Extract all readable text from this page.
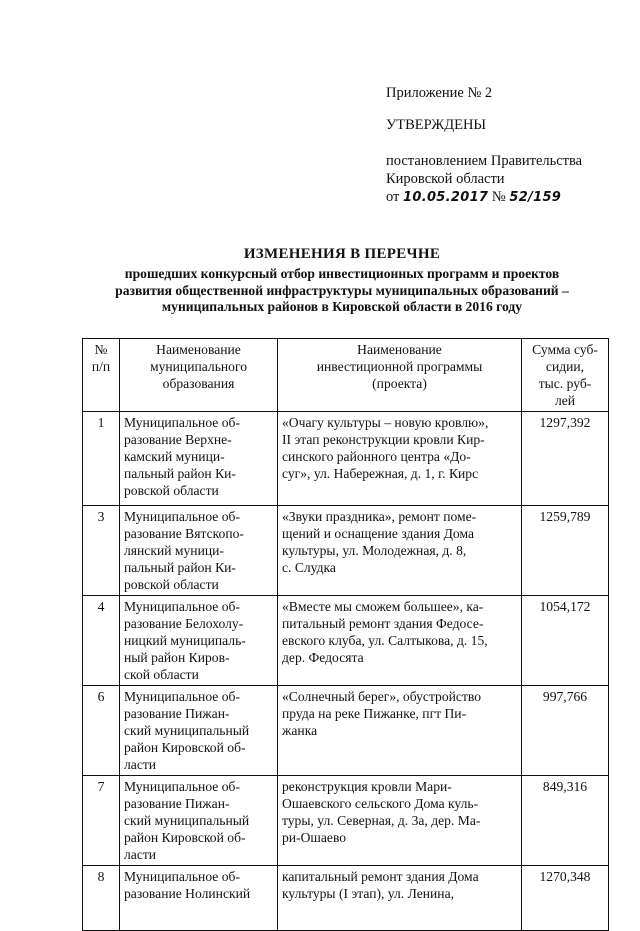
Приложение № 2

УТВЕРЖДЕНЫ

постановлением Правительства

Кировской области

от 10.05.2017 № 52/159

ИЗМЕНЕНИЯ В ПЕРЕЧНЕ
прошедших конкурсный отбор инвестиционных программ и проектов
развития общественной инфраструктуры муниципальных образований –
муниципальных районов в Кировской области в 2016 году
№
п/п	Наименование
муниципального
образования	Наименование
инвестиционной программы
(проекта)	Сумма суб-
сидии,
тыс. руб-
лей
1	Муниципальное об-
разование Верхне-
камский муници-
пальный район Ки-
ровской области	«Очагу культуры – новую кровлю»,
II этап реконструкции кровли Кир-
синского районного центра «До-
суг», ул. Набережная, д. 1, г. Кирс	1297,392
3	Муниципальное об-
разование Вятскопо-
лянский муници-
пальный район Ки-
ровской области	«Звуки праздника», ремонт поме-
щений и оснащение здания Дома
культуры, ул. Молодежная, д. 8,
с. Слудка	1259,789
4	Муниципальное об-
разование Белохолу-
ницкий муниципаль-
ный район Киров-
ской области	«Вместе мы сможем большее», ка-
питальный ремонт здания Федосе-
евского клуба, ул. Салтыкова, д. 15,
дер. Федосята	1054,172
6	Муниципальное об-
разование Пижан-
ский муниципальный
район Кировской об-
ласти	«Солнечный берег», обустройство
пруда на реке Пижанке, пгт Пи-
жанка	997,766
7	Муниципальное об-
разование Пижан-
ский муниципальный
район Кировской об-
ласти	реконструкция кровли Мари-
Ошаевского сельского Дома куль-
туры, ул. Северная, д. 3а, дер. Ма-
ри-Ошаево	849,316
8	Муниципальное об-
разование Нолинский	капитальный ремонт здания Дома
культуры (I этап), ул. Ленина,	1270,348
